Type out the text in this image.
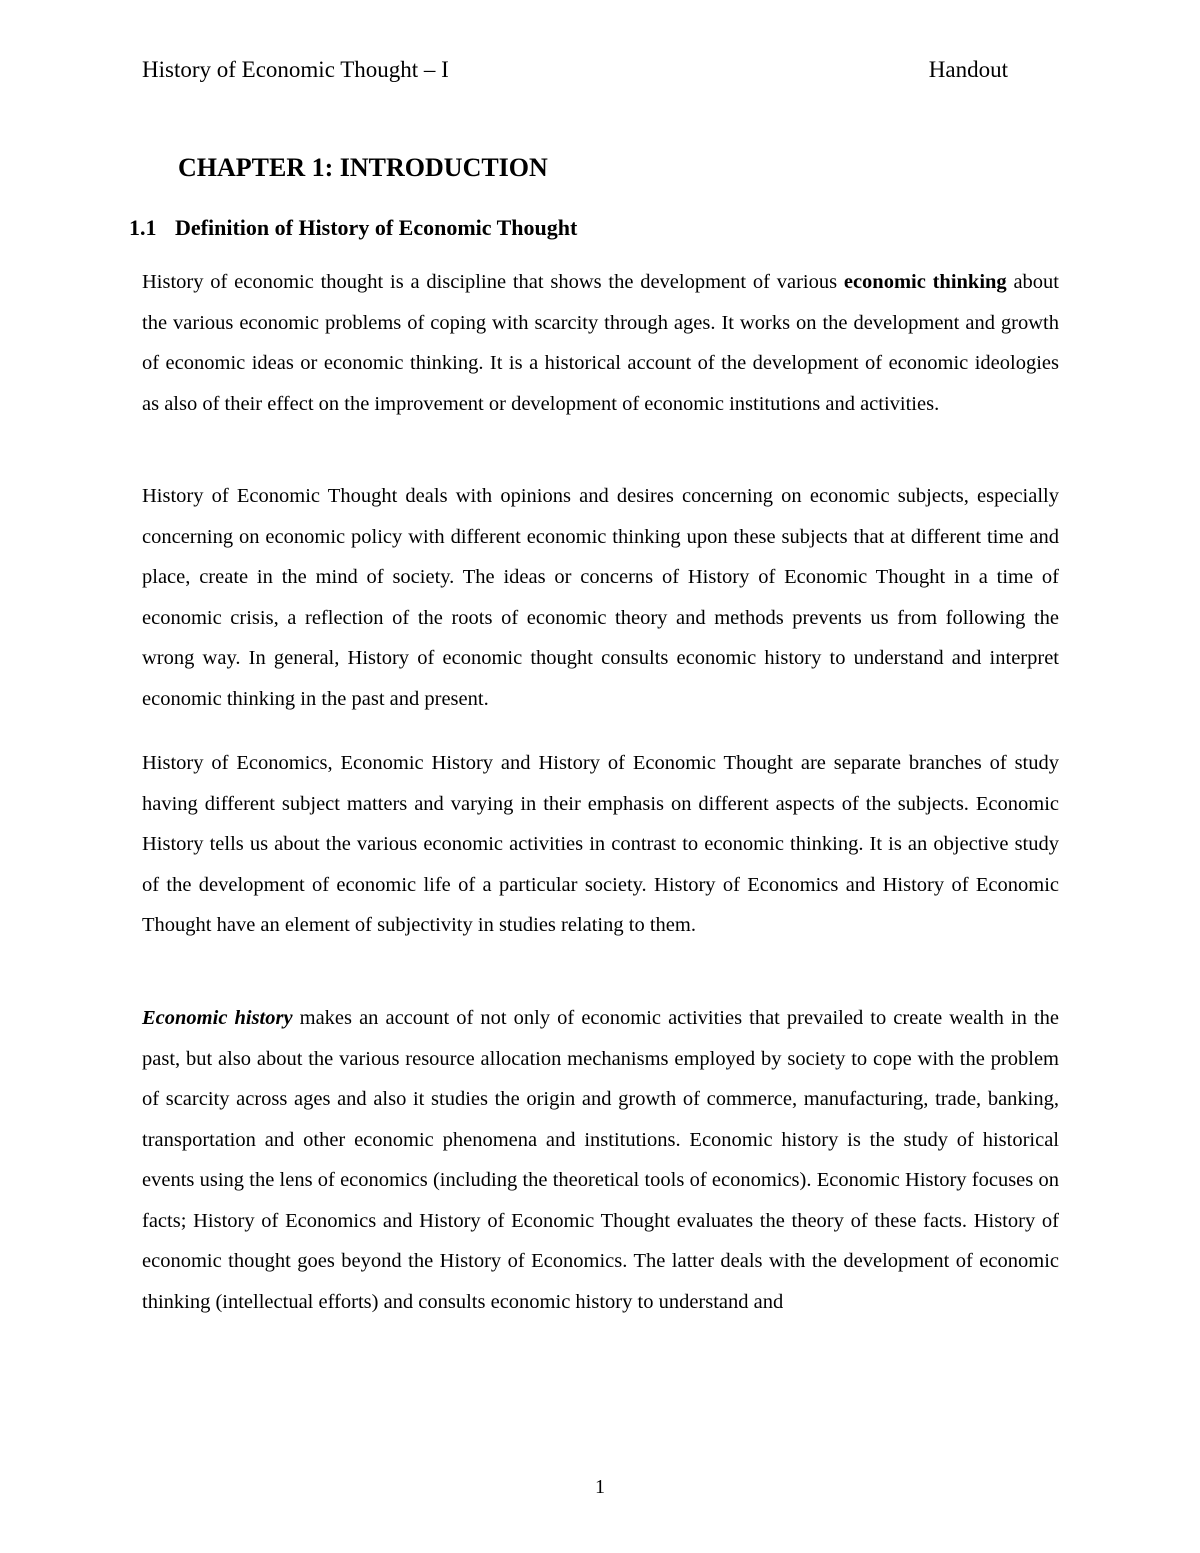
History of Economic Thought – I	Handout
CHAPTER 1: INTRODUCTION
1.1 Definition of History of Economic Thought

History of economic thought is a discipline that shows the development of various economic thinking about the various economic problems of coping with scarcity through ages. It works on the development and growth of economic ideas or economic thinking. It is a historical account of the development of economic ideologies as also of their effect on the improvement or development of economic institutions and activities.

History of Economic Thought deals with opinions and desires concerning on economic subjects, especially concerning on economic policy with different economic thinking upon these subjects that at different time and place, create in the mind of society. The ideas or concerns of History of Economic Thought in a time of economic crisis, a reflection of the roots of economic theory and methods prevents us from following the wrong way. In general, History of economic thought consults economic history to understand and interpret economic thinking in the past and present.

History of Economics, Economic History and History of Economic Thought are separate branches of study having different subject matters and varying in their emphasis on different aspects of the subjects. Economic History tells us about the various economic activities in contrast to economic thinking. It is an objective study of the development of economic life of a particular society. History of Economics and History of Economic Thought have an element of subjectivity in studies relating to them.

Economic history makes an account of not only of economic activities that prevailed to create wealth in the past, but also about the various resource allocation mechanisms employed by society to cope with the problem of scarcity across ages and also it studies the origin and growth of commerce, manufacturing, trade, banking, transportation and other economic phenomena and institutions. Economic history is the study of historical events using the lens of economics (including the theoretical tools of economics). Economic History focuses on facts; History of Economics and History of Economic Thought evaluates the theory of these facts. History of economic thought goes beyond the History of Economics. The latter deals with the development of economic thinking (intellectual efforts) and consults economic history to understand and

1
